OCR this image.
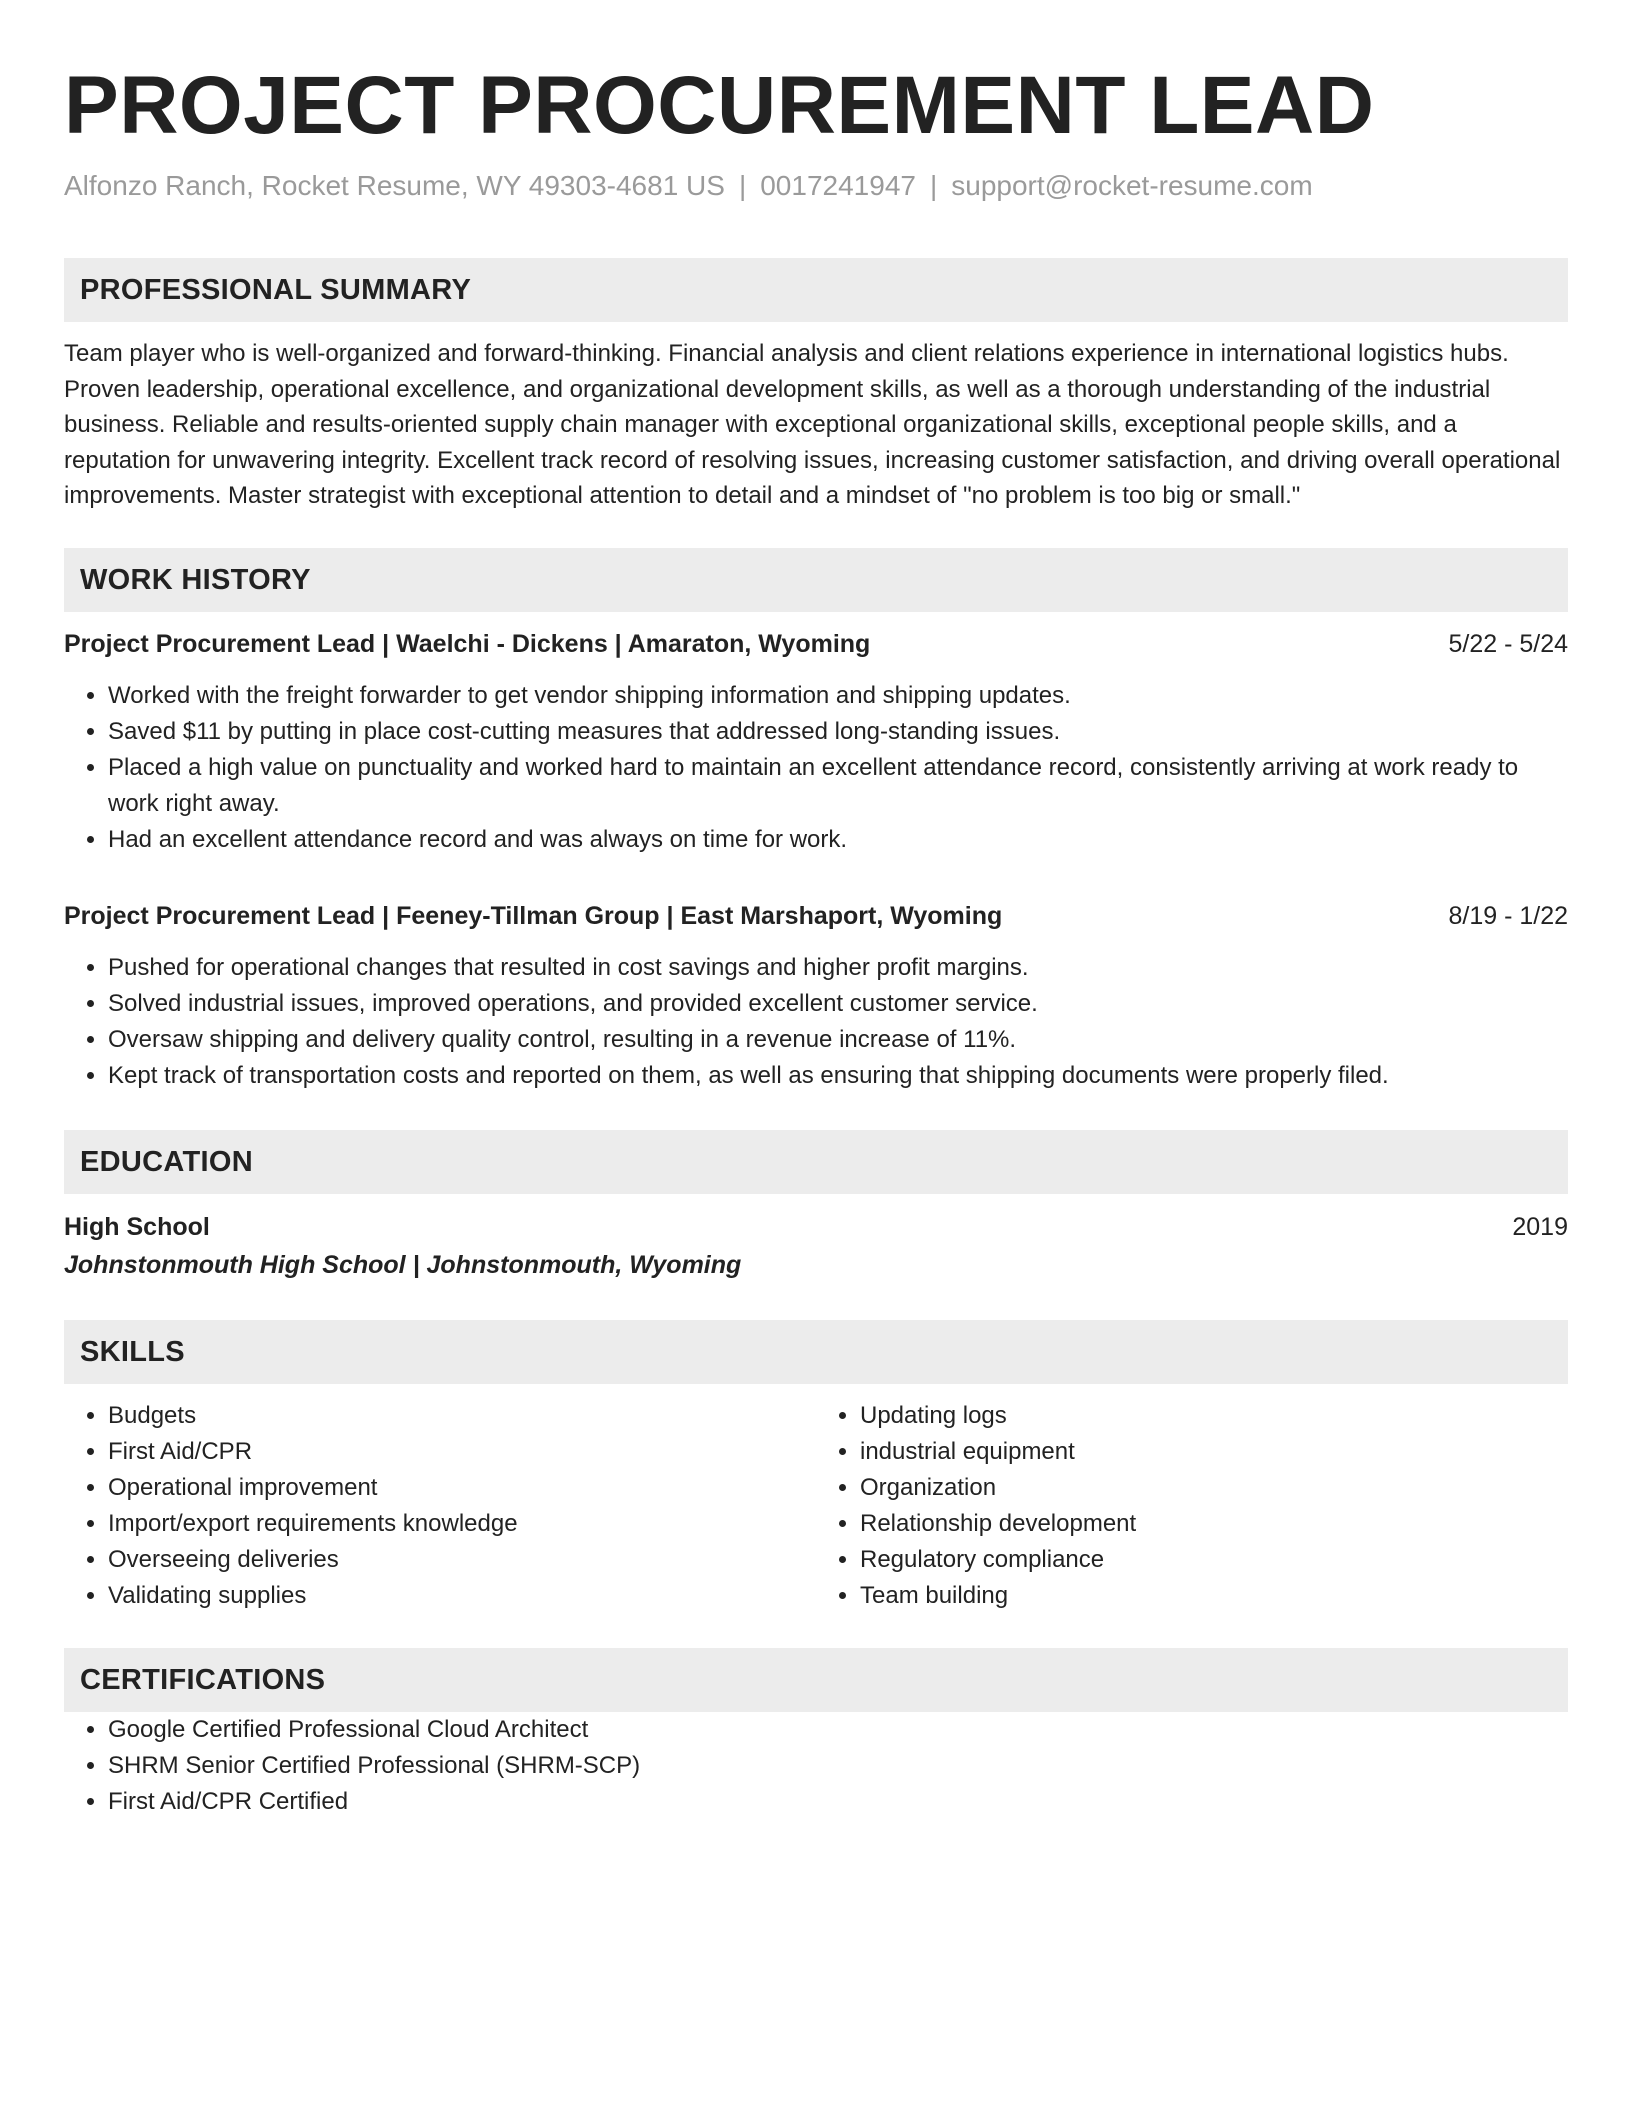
PROJECT PROCUREMENT LEAD
Alfonzo Ranch, Rocket Resume, WY 49303-4681 US | 0017241947 | support@rocket-resume.com
PROFESSIONAL SUMMARY
Team player who is well-organized and forward-thinking. Financial analysis and client relations experience in international logistics hubs. Proven leadership, operational excellence, and organizational development skills, as well as a thorough understanding of the industrial business. Reliable and results-oriented supply chain manager with exceptional organizational skills, exceptional people skills, and a reputation for unwavering integrity. Excellent track record of resolving issues, increasing customer satisfaction, and driving overall operational improvements. Master strategist with exceptional attention to detail and a mindset of "no problem is too big or small."
WORK HISTORY
Project Procurement Lead | Waelchi - Dickens | Amaraton, Wyoming	5/22 - 5/24
• Worked with the freight forwarder to get vendor shipping information and shipping updates.
• Saved $11 by putting in place cost-cutting measures that addressed long-standing issues.
• Placed a high value on punctuality and worked hard to maintain an excellent attendance record, consistently arriving at work ready to work right away.
• Had an excellent attendance record and was always on time for work.
Project Procurement Lead | Feeney-Tillman Group | East Marshaport, Wyoming	8/19 - 1/22
• Pushed for operational changes that resulted in cost savings and higher profit margins.
• Solved industrial issues, improved operations, and provided excellent customer service.
• Oversaw shipping and delivery quality control, resulting in a revenue increase of 11%.
• Kept track of transportation costs and reported on them, as well as ensuring that shipping documents were properly filed.
EDUCATION
High School	2019
Johnstonmouth High School | Johnstonmouth, Wyoming
SKILLS
• Budgets
• First Aid/CPR
• Operational improvement
• Import/export requirements knowledge
• Overseeing deliveries
• Validating supplies
• Updating logs
• industrial equipment
• Organization
• Relationship development
• Regulatory compliance
• Team building
CERTIFICATIONS
• Google Certified Professional Cloud Architect
• SHRM Senior Certified Professional (SHRM-SCP)
• First Aid/CPR Certified
